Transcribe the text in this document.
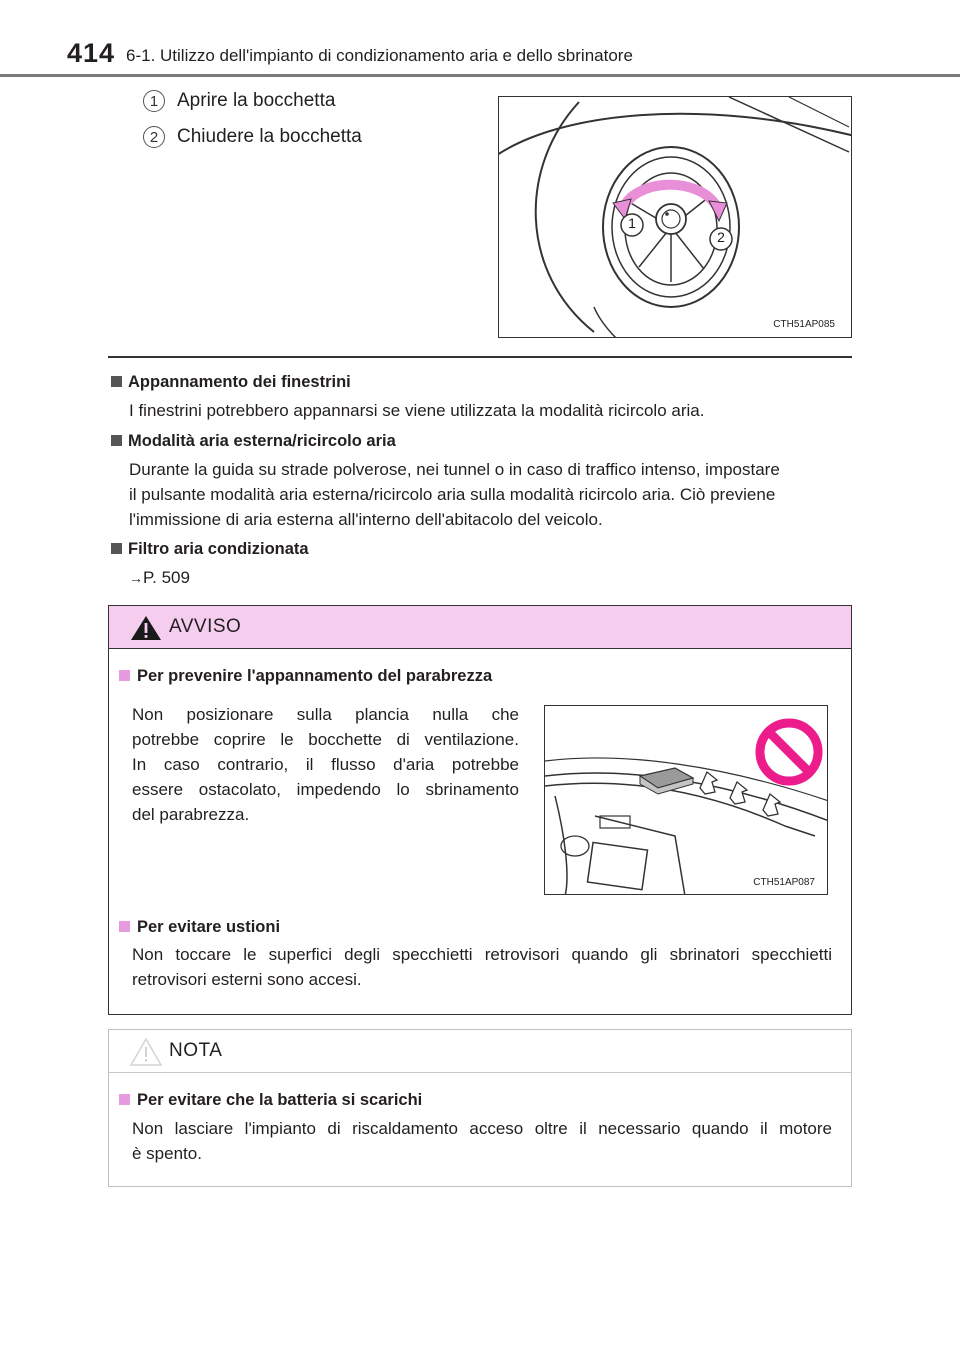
414 6-1. Utilizzo dell'impianto di condizionamento aria e dello sbrinatore
1 Aprire la bocchetta
2 Chiudere la bocchetta
1
2
CTH51AP085
Appannamento dei finestrini
I finestrini potrebbero appannarsi se viene utilizzata la modalità ricircolo aria.
Modalità aria esterna/ricircolo aria
Durante la guida su strade polverose, nei tunnel o in caso di traffico intenso, impostare
il pulsante modalità aria esterna/ricircolo aria sulla modalità ricircolo aria. Ciò previene
l'immissione di aria esterna all'interno dell'abitacolo del veicolo.
Filtro aria condizionata
→P. 509
AVVISO
Per prevenire l'appannamento del parabrezza
Non posizionare sulla plancia nulla che
potrebbe coprire le bocchette di ventilazione.
In caso contrario, il flusso d'aria potrebbe
essere ostacolato, impedendo lo sbrinamento
del parabrezza.
CTH51AP087
Per evitare ustioni
Non toccare le superfici degli specchietti retrovisori quando gli sbrinatori specchietti
retrovisori esterni sono accesi.
NOTA
Per evitare che la batteria si scarichi
Non lasciare l'impianto di riscaldamento acceso oltre il necessario quando il motore
è spento.
